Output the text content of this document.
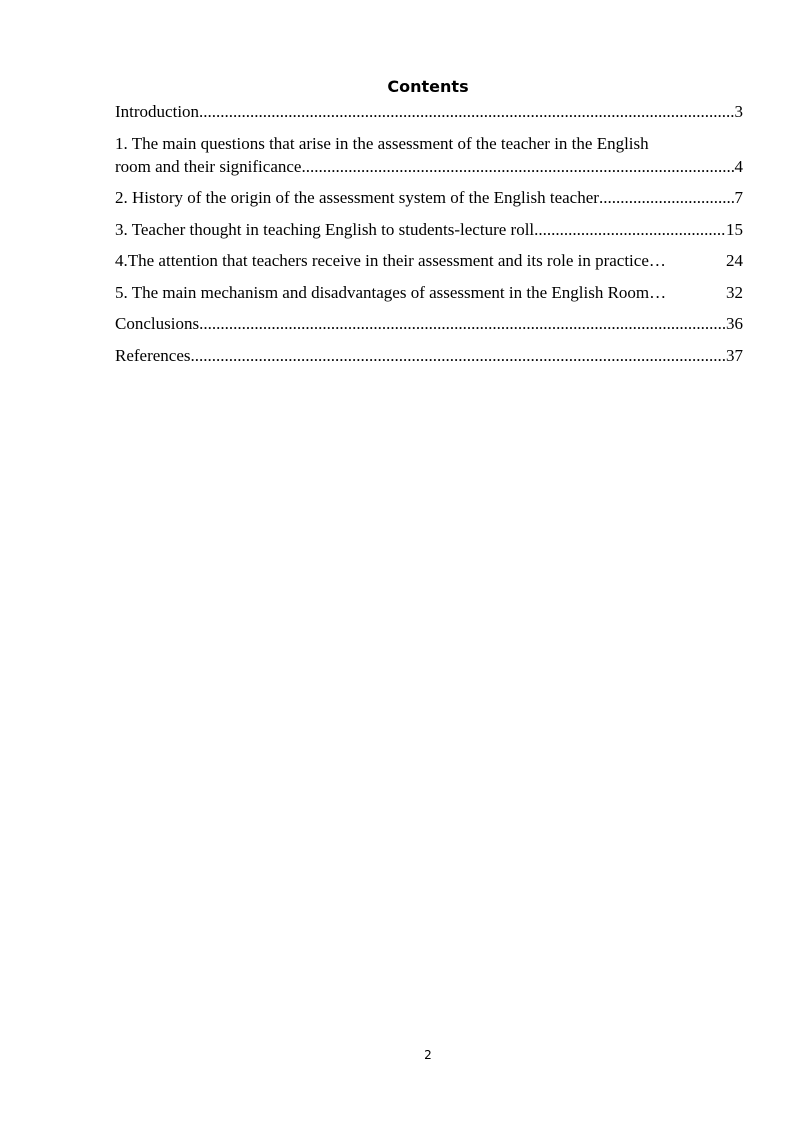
Contents
Introduction .....	3
1. The main questions that arise in the assessment of the teacher in the English
room and their significance .....	4
2. History of the origin of the assessment system of the English teacher .....	7
3. Teacher thought in teaching English to students-lecture roll .....	15
4.The attention that teachers receive in their assessment and its role in practice …	24
5. The main mechanism and disadvantages of assessment in the English Room …	32
Conclusions .....	36
References .....	37
2
